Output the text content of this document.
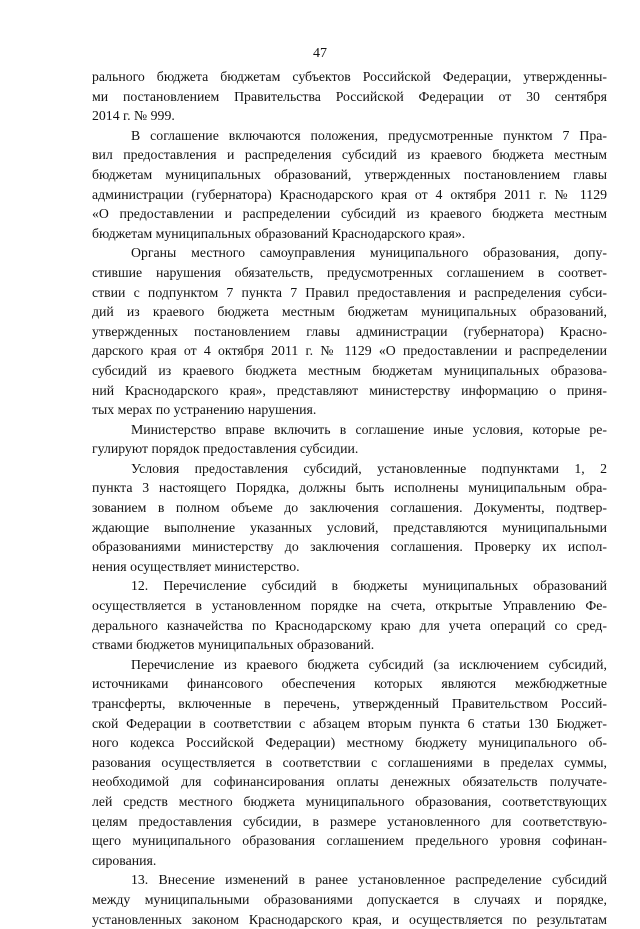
47
рального бюджета бюджетам субъектов Российской Федерации, утвержденны-
ми постановлением Правительства Российской Федерации от 30 сентября
2014 г. № 999.
В соглашение включаются положения, предусмотренные пунктом 7 Пра-
вил предоставления и распределения субсидий из краевого бюджета местным
бюджетам муниципальных образований, утвержденных постановлением главы
администрации (губернатора) Краснодарского края от 4 октября 2011 г. № 1129
«О предоставлении и распределении субсидий из краевого бюджета местным
бюджетам муниципальных образований Краснодарского края».
Органы местного самоуправления муниципального образования, допу-
стившие нарушения обязательств, предусмотренных соглашением в соответ-
ствии с подпунктом 7 пункта 7 Правил предоставления и распределения субси-
дий из краевого бюджета местным бюджетам муниципальных образований,
утвержденных постановлением главы администрации (губернатора) Красно-
дарского края от 4 октября 2011 г. № 1129 «О предоставлении и распределении
субсидий из краевого бюджета местным бюджетам муниципальных образова-
ний Краснодарского края», представляют министерству информацию о приня-
тых мерах по устранению нарушения.
Министерство вправе включить в соглашение иные условия, которые ре-
гулируют порядок предоставления субсидии.
Условия предоставления субсидий, установленные подпунктами 1, 2
пункта 3 настоящего Порядка, должны быть исполнены муниципальным обра-
зованием в полном объеме до заключения соглашения. Документы, подтвер-
ждающие выполнение указанных условий, представляются муниципальными
образованиями министерству до заключения соглашения. Проверку их испол-
нения осуществляет министерство.
12. Перечисление субсидий в бюджеты муниципальных образований
осуществляется в установленном порядке на счета, открытые Управлению Фе-
дерального казначейства по Краснодарскому краю для учета операций со сред-
ствами бюджетов муниципальных образований.
Перечисление из краевого бюджета субсидий (за исключением субсидий,
источниками финансового обеспечения которых являются межбюджетные
трансферты, включенные в перечень, утвержденный Правительством Россий-
ской Федерации в соответствии с абзацем вторым пункта 6 статьи 130 Бюджет-
ного кодекса Российской Федерации) местному бюджету муниципального об-
разования осуществляется в соответствии с соглашениями в пределах суммы,
необходимой для софинансирования оплаты денежных обязательств получате-
лей средств местного бюджета муниципального образования, соответствующих
целям предоставления субсидии, в размере установленного для соответствую-
щего муниципального образования соглашением предельного уровня софинан-
сирования.
13. Внесение изменений в ранее установленное распределение субсидий
между муниципальными образованиями допускается в случаях и порядке,
установленных законом Краснодарского края, и осуществляется по результатам
